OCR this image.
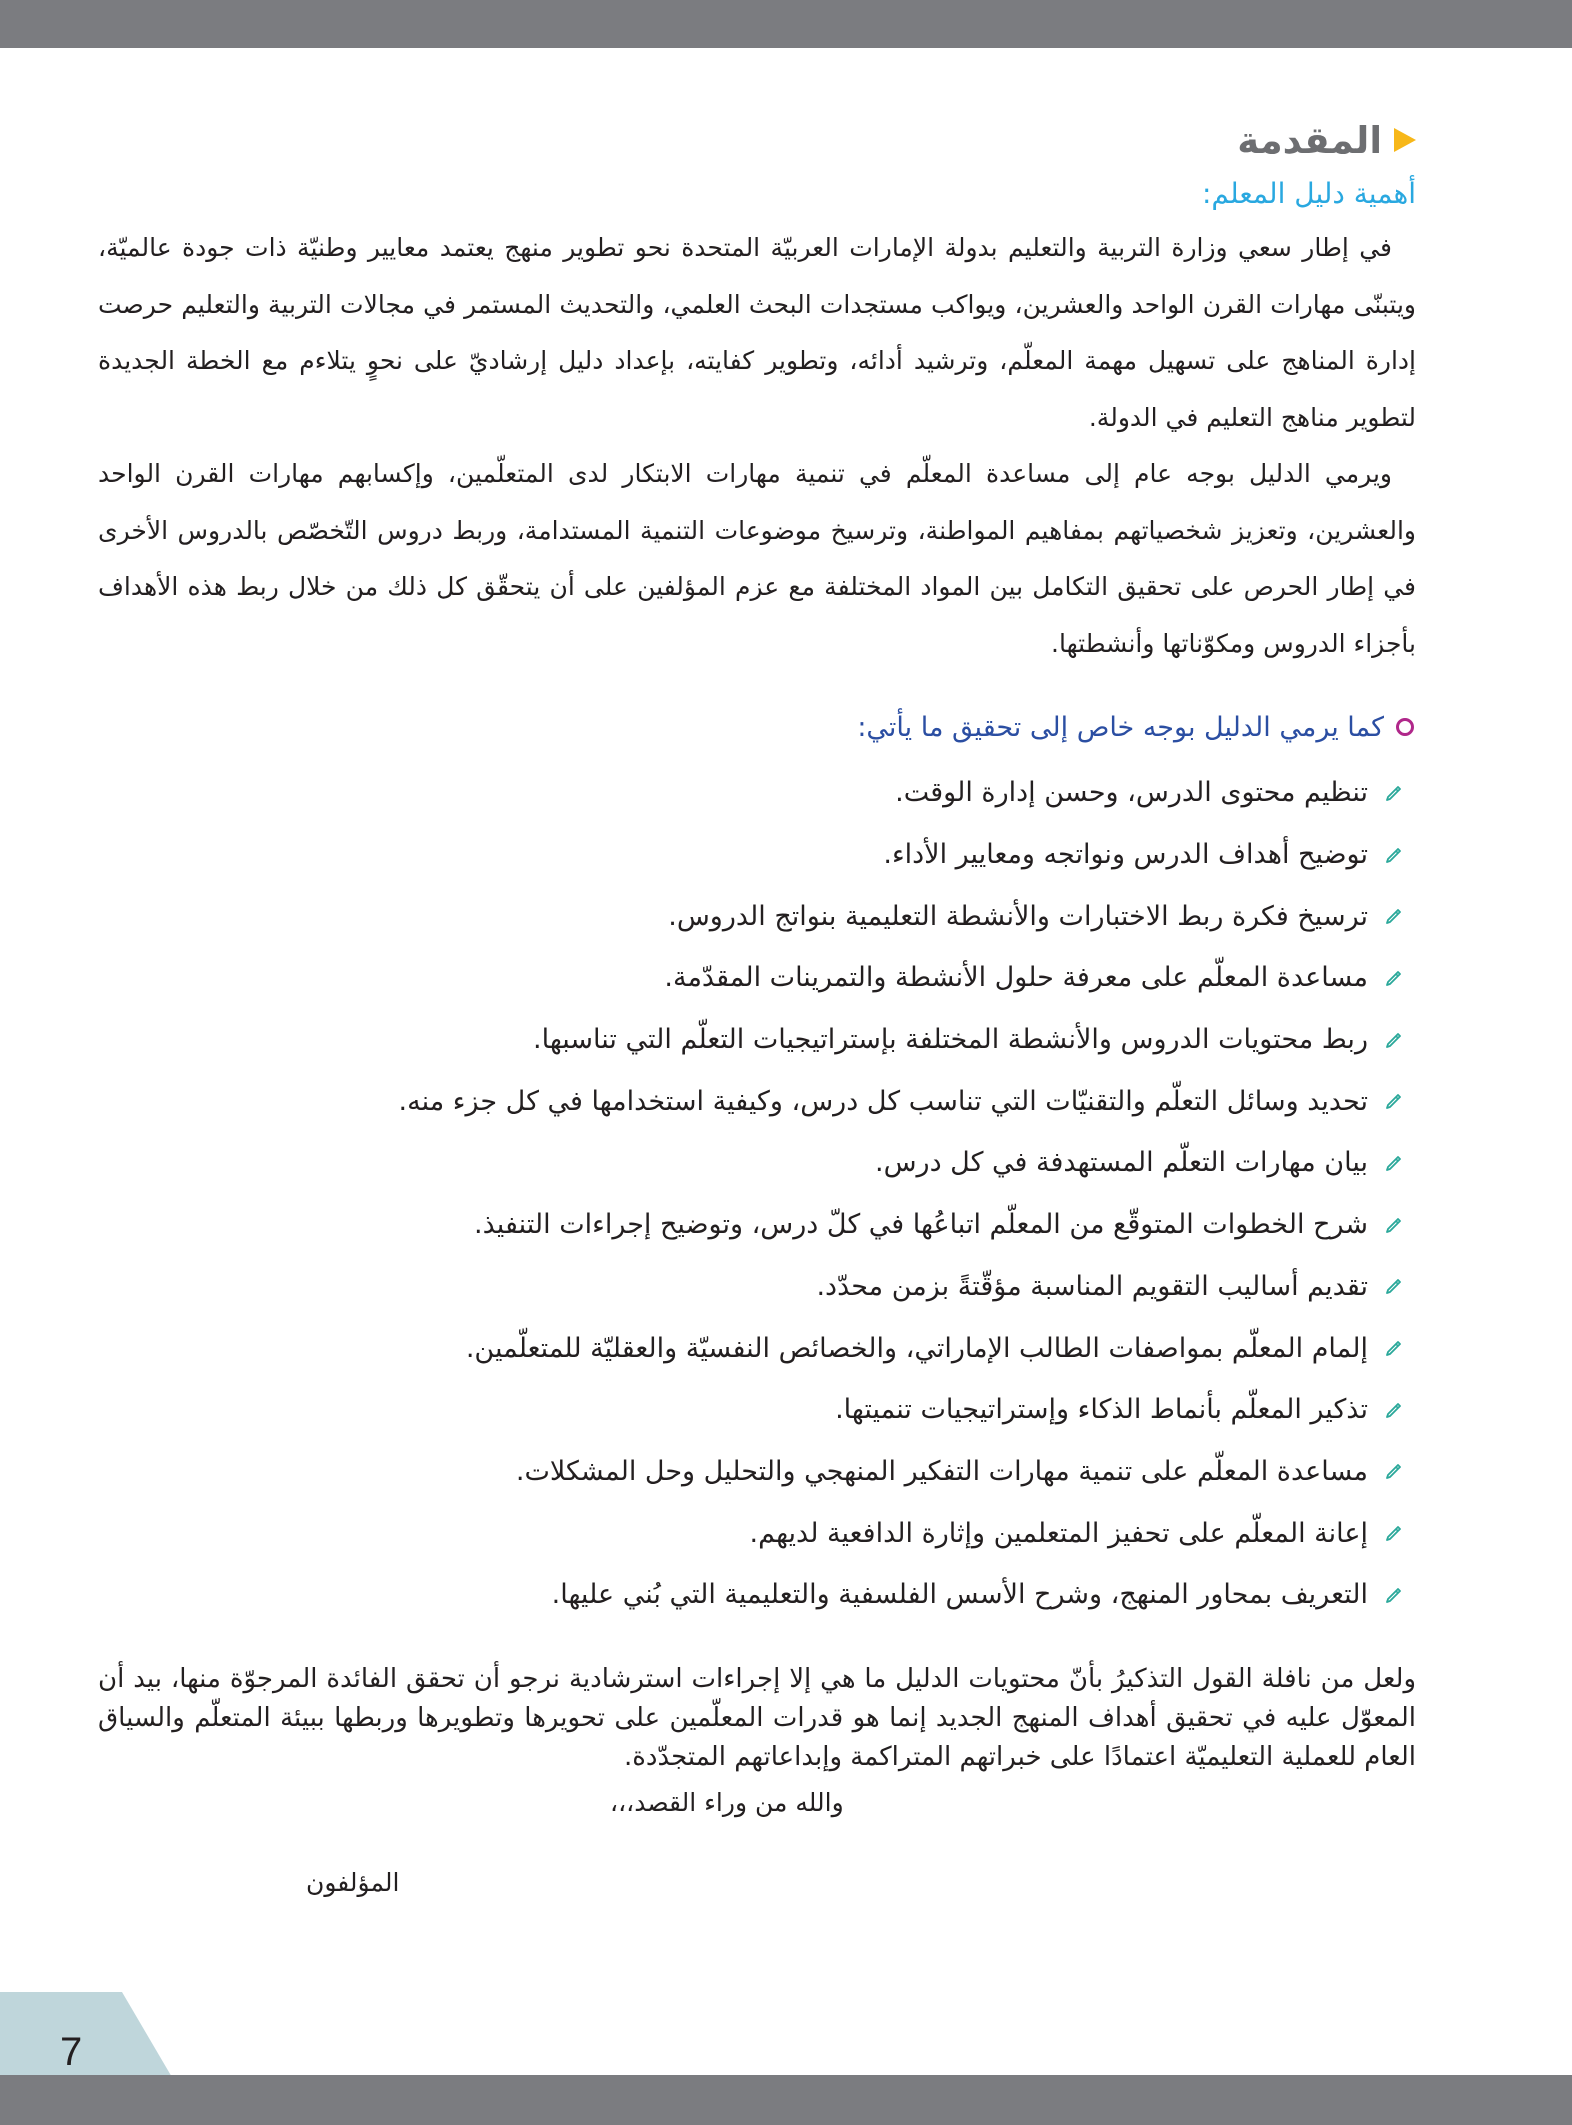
المقدمة
أهمية دليل المعلم:

في إطار سعي وزارة التربية والتعليم بدولة الإمارات العربيّة المتحدة نحو تطوير منهج يعتمد معايير وطنيّة ذات جودة عالميّة، ويتبنّى مهارات القرن الواحد والعشرين، ويواكب مستجدات البحث العلمي، والتحديث المستمر في مجالات التربية والتعليم حرصت إدارة المناهج على تسهيل مهمة المعلّم، وترشيد أدائه، وتطوير كفايته، بإعداد دليل إرشاديّ على نحوٍ يتلاءم مع الخطة الجديدة لتطوير مناهج التعليم في الدولة.

ويرمي الدليل بوجه عام إلى مساعدة المعلّم في تنمية مهارات الابتكار لدى المتعلّمين، وإكسابهم مهارات القرن الواحد والعشرين، وتعزيز شخصياتهم بمفاهيم المواطنة، وترسيخ موضوعات التنمية المستدامة، وربط دروس التّخصّص بالدروس الأخرى في إطار الحرص على تحقيق التكامل بين المواد المختلفة مع عزم المؤلفين على أن يتحقّق كل ذلك من خلال ربط هذه الأهداف بأجزاء الدروس ومكوّناتها وأنشطتها.

كما يرمي الدليل بوجه خاص إلى تحقيق ما يأتي:
تنظيم محتوى الدرس، وحسن إدارة الوقت.
توضيح أهداف الدرس ونواتجه ومعايير الأداء.
ترسيخ فكرة ربط الاختبارات والأنشطة التعليمية بنواتج الدروس.
مساعدة المعلّم على معرفة حلول الأنشطة والتمرينات المقدّمة.
ربط محتويات الدروس والأنشطة المختلفة بإستراتيجيات التعلّم التي تناسبها.
تحديد وسائل التعلّم والتقنيّات التي تناسب كل درس، وكيفية استخدامها في كل جزء منه.
بيان مهارات التعلّم المستهدفة في كل درس.
شرح الخطوات المتوقّع من المعلّم اتباعُها في كلّ درس، وتوضيح إجراءات التنفيذ.
تقديم أساليب التقويم المناسبة مؤقّتةً بزمن محدّد.
إلمام المعلّم بمواصفات الطالب الإماراتي، والخصائص النفسيّة والعقليّة للمتعلّمين.
تذكير المعلّم بأنماط الذكاء وإستراتيجيات تنميتها.
مساعدة المعلّم على تنمية مهارات التفكير المنهجي والتحليل وحل المشكلات.
إعانة المعلّم على تحفيز المتعلمين وإثارة الدافعية لديهم.
التعريف بمحاور المنهج، وشرح الأسس الفلسفية والتعليمية التي بُني عليها.

ولعل من نافلة القول التذكيرُ بأنّ محتويات الدليل ما هي إلا إجراءات استرشادية نرجو أن تحقق الفائدة المرجوّة منها، بيد أن المعوّل عليه في تحقيق أهداف المنهج الجديد إنما هو قدرات المعلّمين على تحويرها وتطويرها وربطها ببيئة المتعلّم والسياق العام للعملية التعليميّة اعتمادًا على خبراتهم المتراكمة وإبداعاتهم المتجدّدة.

والله من وراء القصد،،،
المؤلفون
7
